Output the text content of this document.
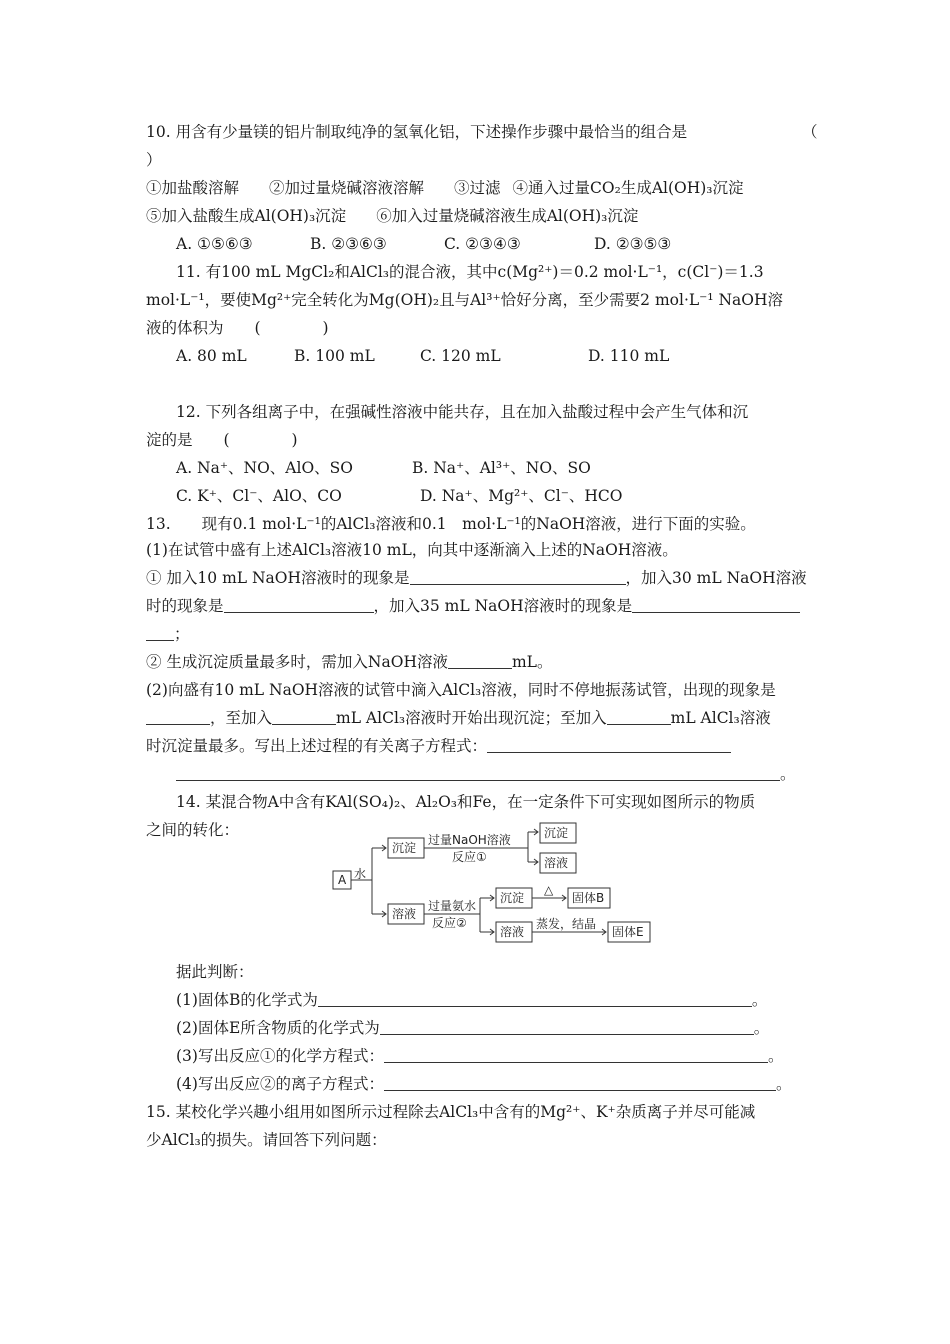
10. 用含有少量镁的铝片制取纯净的氢氧化铝，下述操作步骤中最恰当的组合是	（
）
①加盐酸溶解 ②加过量烧碱溶液溶解 ③过滤 ④通入过量CO₂生成Al(OH)₃沉淀
⑤加入盐酸生成Al(OH)₃沉淀 ⑥加入过量烧碱溶液生成Al(OH)₃沉淀
A. ①⑤⑥③	B. ②③⑥③	C. ②③④③	D. ②③⑤③
11. 有100 mL MgCl₂和AlCl₃的混合液，其中c(Mg²⁺)＝0.2 mol·L⁻¹，c(Cl⁻)＝1.3
mol·L⁻¹，要使Mg²⁺完全转化为Mg(OH)₂且与Al³⁺恰好分离，至少需要2 mol·L⁻¹ NaOH溶
液的体积为　　(　　　　)
A. 80 mL	B. 100 mL	C. 120 mL	D. 110 mL
12. 下列各组离子中，在强碱性溶液中能共存，且在加入盐酸过程中会产生气体和沉
淀的是　　(　　　　)
A. Na⁺、NO、AlO、SO	B. Na⁺、Al³⁺、NO、SO
C. K⁺、Cl⁻、AlO、CO	D. Na⁺、Mg²⁺、Cl⁻、HCO
13.　　现有0.1 mol·L⁻¹的AlCl₃溶液和0.1　mol·L⁻¹的NaOH溶液，进行下面的实验。
(1)在试管中盛有上述AlCl₃溶液10 mL，向其中逐渐滴入上述的NaOH溶液。
① 加入10 mL NaOH溶液时的现象是	，加入30 mL NaOH溶液
时的现象是	，加入35 mL NaOH溶液时的现象是
；
② 生成沉淀质量最多时，需加入NaOH溶液	mL。
(2)向盛有10 mL NaOH溶液的试管中滴入AlCl₃溶液，同时不停地振荡试管，出现的现象是
，至加入	mL AlCl₃溶液时开始出现沉淀；至加入	mL AlCl₃溶液
时沉淀量最多。写出上述过程的有关离子方程式：
。
14. 某混合物A中含有KAl(SO₄)₂、Al₂O₃和Fe，在一定条件下可实现如图所示的物质
之间的转化：
A 水
沉淀
过量NaOH溶液
反应①
沉淀
溶液
溶液
过量氨水
反应②
沉淀
△
固体B
溶液
蒸发，结晶
固体E
据此判断：
(1)固体B的化学式为	。
(2)固体E所含物质的化学式为	。
(3)写出反应①的化学方程式：	。
(4)写出反应②的离子方程式：	。
15. 某校化学兴趣小组用如图所示过程除去AlCl₃中含有的Mg²⁺、K⁺杂质离子并尽可能减
少AlCl₃的损失。请回答下列问题：
